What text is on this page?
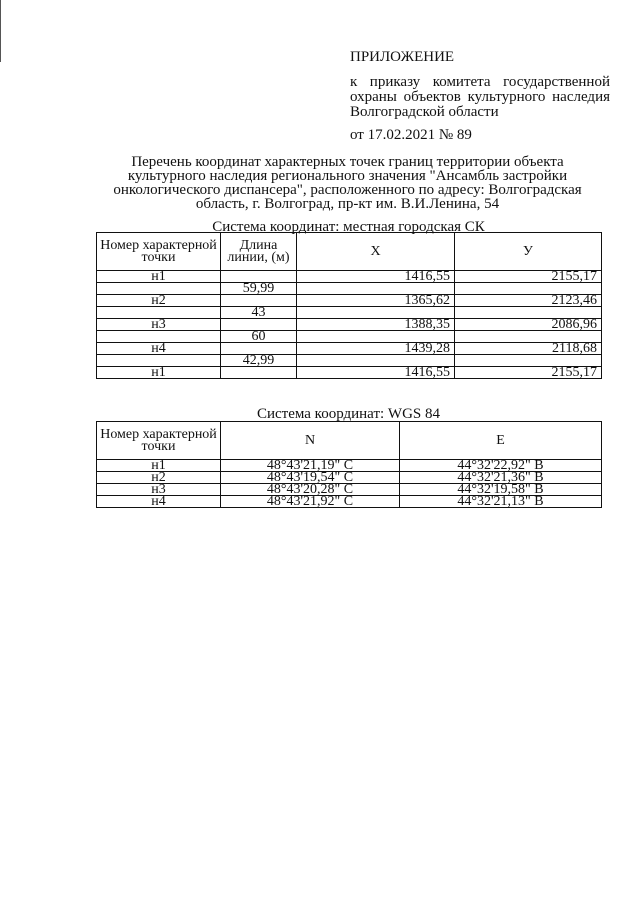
ПРИЛОЖЕНИЕ
к приказу комитета государственной охраны объектов культурного наследия Волгоградской области
от 17.02.2021 № 89
Перечень координат характерных точек границ территории объекта культурного наследия регионального значения "Ансамбль застройки онкологического диспансера", расположенного по адресу: Волгоградская область, г. Волгоград, пр-кт им. В.И.Ленина, 54
Система координат: местная городская СК
Номер характерной точки	Длина линии, (м)	X	У
н1		1416,55	2155,17
	59,99		
н2		1365,62	2123,46
	43		
н3		1388,35	2086,96
	60		
н4		1439,28	2118,68
	42,99		
н1		1416,55	2155,17
Система координат: WGS 84
Номер характерной точки	N	E
н1	48°43'21,19" С	44°32'22,92" В
н2	48°43'19,54" С	44°32'21,36" В
н3	48°43'20,28" С	44°32'19,58" В
н4	48°43'21,92" С	44°32'21,13" В
